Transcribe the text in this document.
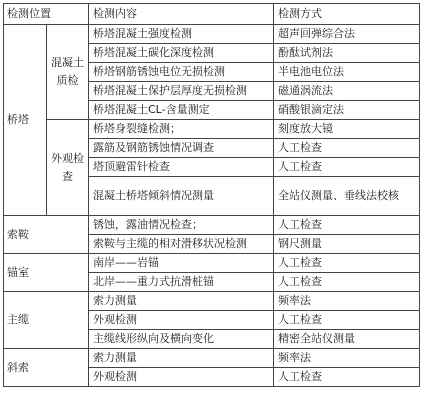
检测位置		检测内容	检测方式
桥塔	混凝土质检	桥塔混凝土强度检测	超声回弹综合法
		桥塔混凝土碳化深度检测	酚酞试剂法
		桥塔钢筋锈蚀电位无损检测	半电池电位法
		桥塔混凝土保护层厚度无损检测	磁通涡流法
		桥塔混凝土CL-含量测定	硝酸银滴定法
	外观检查	桥塔身裂缝检测；	刻度放大镜
		露筋及钢筋锈蚀情况调查	人工检查
		塔顶避雷针检查	人工检查
		混凝土桥塔倾斜情况测量	全站仪测量、垂线法校核
索鞍		锈蚀，露油情况检查；	人工检查
		索鞍与主缆的相对滑移状况检测	钢尺测量
锚室		南岸——岩锚	人工检查
		北岸——重力式抗滑桩锚	人工检查
主缆		索力测量	频率法
		外观检测	人工检查
		主缆线形纵向及横向变化	精密全站仪测量
斜索		索力测量	频率法
		外观检测	人工检查
